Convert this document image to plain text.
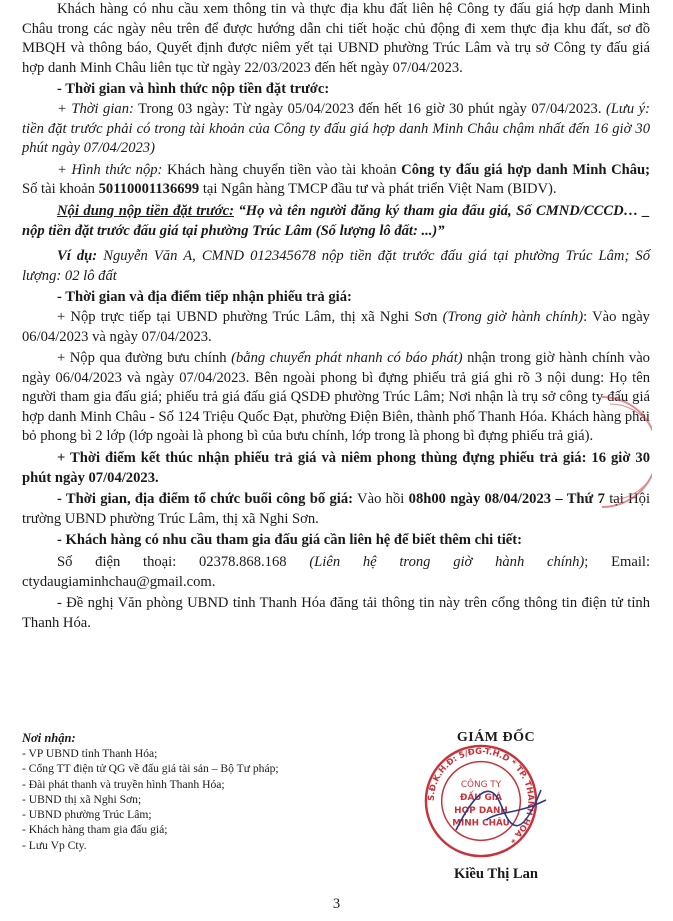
Khách hàng có nhu cầu xem thông tin và thực địa khu đất liên hệ Công ty đấu giá hợp danh Minh Châu trong các ngày nêu trên để được hướng dẫn chi tiết hoặc chủ động đi xem thực địa khu đất, sơ đồ MBQH và thông báo, Quyết định được niêm yết tại UBND phường Trúc Lâm và trụ sở Công ty đấu giá hợp danh Minh Châu liên tục từ ngày 22/03/2023 đến hết ngày 07/04/2023.

- Thời gian và hình thức nộp tiền đặt trước:

+ Thời gian: Trong 03 ngày: Từ ngày 05/04/2023 đến hết 16 giờ 30 phút ngày 07/04/2023. (Lưu ý: tiền đặt trước phải có trong tài khoản của Công ty đấu giá hợp danh Minh Châu chậm nhất đến 16 giờ 30 phút ngày 07/04/2023)

+ Hình thức nộp: Khách hàng chuyển tiền vào tài khoản Công ty đấu giá hợp danh Minh Châu; Số tài khoản 50110001136699 tại Ngân hàng TMCP đầu tư và phát triển Việt Nam (BIDV).

Nội dung nộp tiền đặt trước: “Họ và tên người đăng ký tham gia đấu giá, Số CMND/CCCD… _ nộp tiền đặt trước đấu giá tại phường Trúc Lâm (Số lượng lô đất: ...)”

Ví dụ: Nguyễn Văn A, CMND 012345678 nộp tiền đặt trước đấu giá tại phường Trúc Lâm; Số lượng: 02 lô đất

- Thời gian và địa điểm tiếp nhận phiếu trả giá:

+ Nộp trực tiếp tại UBND phường Trúc Lâm, thị xã Nghi Sơn (Trong giờ hành chính): Vào ngày 06/04/2023 và ngày 07/04/2023.

+ Nộp qua đường bưu chính (bằng chuyển phát nhanh có báo phát) nhận trong giờ hành chính vào ngày 06/04/2023 và ngày 07/04/2023. Bên ngoài phong bì đựng phiếu trả giá ghi rõ 3 nội dung: Họ tên người tham gia đấu giá; phiếu trả giá đấu giá QSDĐ phường Trúc Lâm; Nơi nhận là trụ sở công ty đấu giá hợp danh Minh Châu - Số 124 Triệu Quốc Đạt, phường Điện Biên, thành phố Thanh Hóa. Khách hàng phải bỏ phong bì 2 lớp (lớp ngoài là phong bì của bưu chính, lớp trong là phong bì đựng phiếu trả giá).

+ Thời điểm kết thúc nhận phiếu trả giá và niêm phong thùng đựng phiếu trả giá: 16 giờ 30 phút ngày 07/04/2023.

- Thời gian, địa điểm tổ chức buổi công bố giá: Vào hồi 08h00 ngày 08/04/2023 – Thứ 7 tại Hội trường UBND phường Trúc Lâm, thị xã Nghi Sơn.

- Khách hàng có nhu cầu tham gia đấu giá cần liên hệ để biết thêm chi tiết:

Số điện thoại: 02378.868.168 (Liên hệ trong giờ hành chính); Email: ctydaugiaminhchau@gmail.com.

- Đề nghị Văn phòng UBND tỉnh Thanh Hóa đăng tải thông tin này trên cổng thông tin điện tử tỉnh Thanh Hóa.

Nơi nhận:
- VP UBND tỉnh Thanh Hóa;
- Cổng TT điện tử QG về đấu giá tài sản – Bộ Tư pháp;
- Đài phát thanh và truyền hình Thanh Hóa;
- UBND thị xã Nghi Sơn;
- UBND phường Trúc Lâm;
- Khách hàng tham gia đấu giá;
- Lưu Vp Cty.
GIÁM ĐỐC
S.Đ.K.H.Đ: 5/ĐG-T.H.D * TP. THANH HÓA *
CÔNG TY
ĐẤU GIÁ
HỢP DANH
MINH CHÂU
Kiều Thị Lan
3
